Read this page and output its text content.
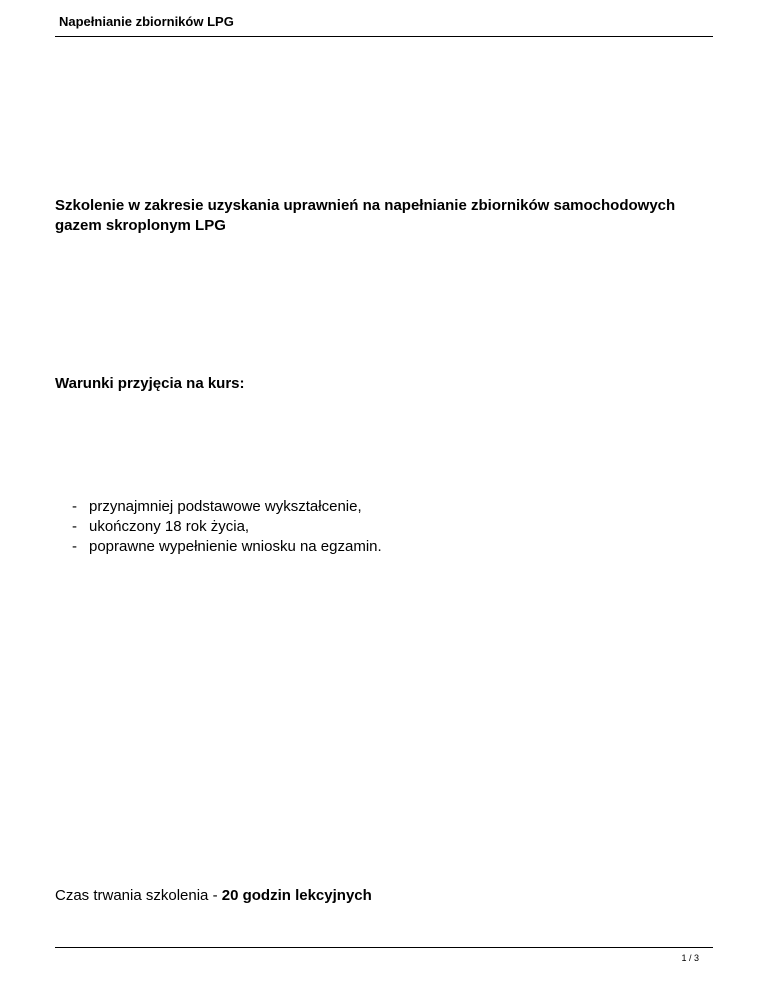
Napełnianie zbiorników LPG
Szkolenie w zakresie uzyskania uprawnień na napełnianie zbiorników samochodowych gazem skroplonym LPG
Warunki przyjęcia na kurs:
- przynajmniej podstawowe wykształcenie,
- ukończony 18 rok życia,
- poprawne wypełnienie wniosku na egzamin.

Czas trwania szkolenia - 20 godzin lekcyjnych

1 / 3
